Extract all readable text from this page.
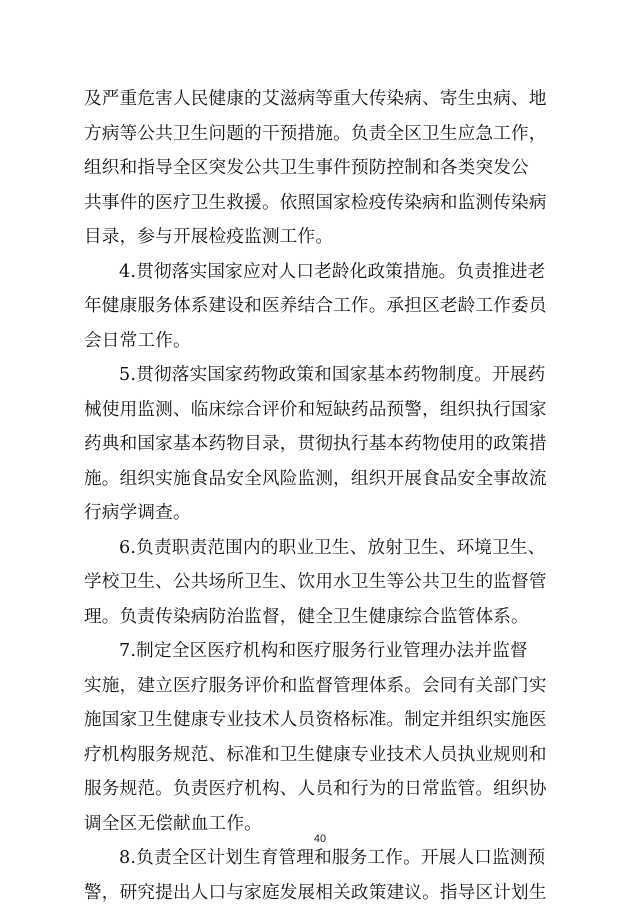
及严重危害人民健康的艾滋病等重大传染病、寄生虫病、地
方病等公共卫生问题的干预措施。负责全区卫生应急工作，
组织和指导全区突发公共卫生事件预防控制和各类突发公
共事件的医疗卫生救援。依照国家检疫传染病和监测传染病
目录，参与开展检疫监测工作。
4.贯彻落实国家应对人口老龄化政策措施。负责推进老
年健康服务体系建设和医养结合工作。承担区老龄工作委员
会日常工作。
5.贯彻落实国家药物政策和国家基本药物制度。开展药
械使用监测、临床综合评价和短缺药品预警，组织执行国家
药典和国家基本药物目录，贯彻执行基本药物使用的政策措
施。组织实施食品安全风险监测，组织开展食品安全事故流
行病学调查。
6.负责职责范围内的职业卫生、放射卫生、环境卫生、
学校卫生、公共场所卫生、饮用水卫生等公共卫生的监督管
理。负责传染病防治监督，健全卫生健康综合监管体系。
7.制定全区医疗机构和医疗服务行业管理办法并监督
实施，建立医疗服务评价和监督管理体系。会同有关部门实
施国家卫生健康专业技术人员资格标准。制定并组织实施医
疗机构服务规范、标准和卫生健康专业技术人员执业规则和
服务规范。负责医疗机构、人员和行为的日常监管。组织协
调全区无偿献血工作。
8.负责全区计划生育管理和服务工作。开展人口监测预
警，研究提出人口与家庭发展相关政策建议。指导区计划生
40
